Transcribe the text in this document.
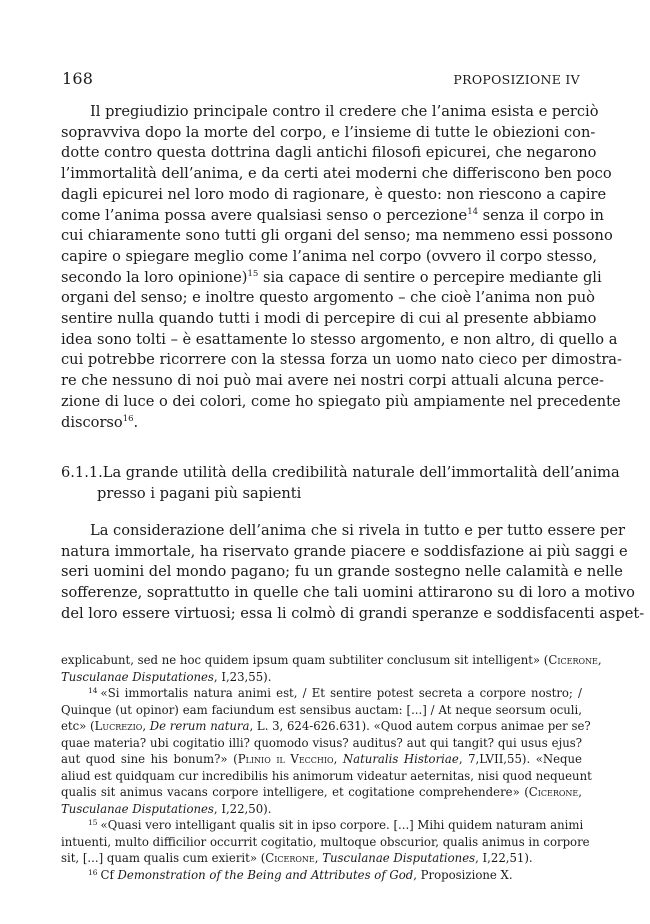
168	PROPOSIZIONE IV
Il pregiudizio principale contro il credere che l’anima esista e perciò
sopravviva dopo la morte del corpo, e l’insieme di tutte le obiezioni con-
dotte contro questa dottrina dagli antichi filosofi epicurei, che negarono
l’immortalità dell’anima, e da certi atei moderni che differiscono ben poco
dagli epicurei nel loro modo di ragionare, è questo: non riescono a capire
come l’anima possa avere qualsiasi senso o percezione$^{14}$ senza il corpo in
cui chiaramente sono tutti gli organi del senso; ma nemmeno essi possono
capire o spiegare meglio come l’anima nel corpo (ovvero il corpo stesso,
secondo la loro opinione)$^{15}$ sia capace di sentire o percepire mediante gli
organi del senso; e inoltre questo argomento – che cioè l’anima non può
sentire nulla quando tutti i modi di percepire di cui al presente abbiamo
idea sono tolti – è esattamente lo stesso argomento, e non altro, di quello a
cui potrebbe ricorrere con la stessa forza un uomo nato cieco per dimostra-
re che nessuno di noi può mai avere nei nostri corpi attuali alcuna perce-
zione di luce o dei colori, come ho spiegato più ampiamente nel precedente
discorso$^{16}$.
6.1.1.La grande utilità della credibilità naturale dell’immortalità dell’anima
presso i pagani più sapienti
La considerazione dell’anima che si rivela in tutto e per tutto essere per
natura immortale, ha riservato grande piacere e soddisfazione ai più saggi e
seri uomini del mondo pagano; fu un grande sostegno nelle calamità e nelle
sofferenze, soprattutto in quelle che tali uomini attirarono su di loro a motivo
del loro essere virtuosi; essa li colmò di grandi speranze e soddisfacenti aspet-
explicabunt, sed ne hoc quidem ipsum quam subtiliter conclusum sit intelligent» (Cicerone,
Tusculanae Disputationes, I,23,55).
$^{14}$ «Si immortalis natura animi est, / Et sentire potest secreta a corpore nostro; /
Quinque (ut opinor) eam faciundum est sensibus auctam: [...] / At neque seorsum oculi,
etc» (Lucrezio, De rerum natura, L. 3, 624-626.631). «Quod autem corpus animae per se?
quae materia? ubi cogitatio illi? quomodo visus? auditus? aut qui tangit? qui usus ejus?
aut quod sine his bonum?» (Plinio il Vecchio, Naturalis Historiae, 7,LVII,55). «Neque
aliud est quidquam cur incredibilis his animorum videatur aeternitas, nisi quod nequeunt
qualis sit animus vacans corpore intelligere, et cogitatione comprehendere» (Cicerone,
Tusculanae Disputationes, I,22,50).
$^{15}$ «Quasi vero intelligant qualis sit in ipso corpore. [...] Mihi quidem naturam animi
intuenti, multo difficilior occurrit cogitatio, multoque obscurior, qualis animus in corpore
sit, [...] quam qualis cum exierit» (Cicerone, Tusculanae Disputationes, I,22,51).
$^{16}$ Cf Demonstration of the Being and Attributes of God, Proposizione X.
